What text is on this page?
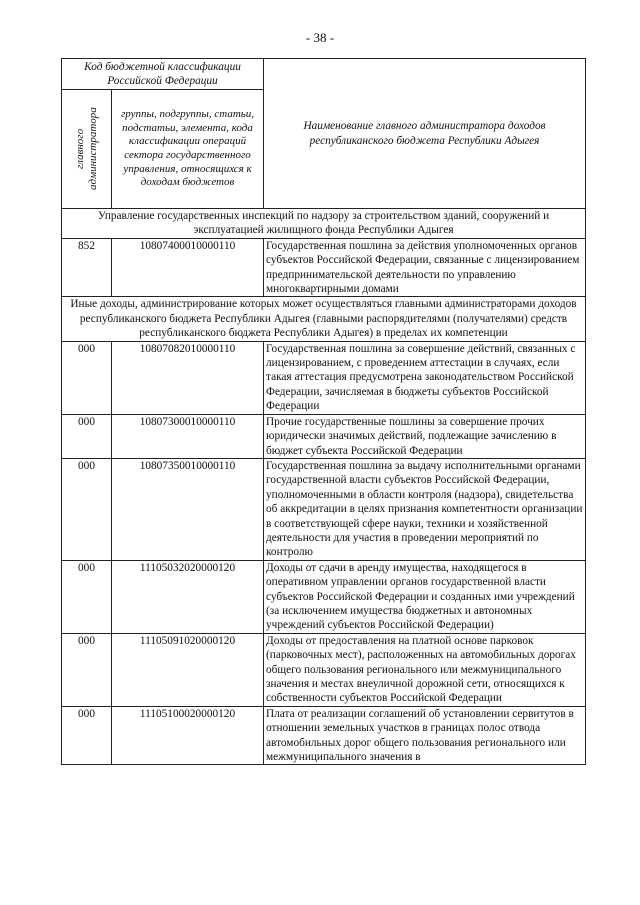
- 38 -
Код бюджетной классификации Российской Федерации		Наименование главного администратора доходов республиканского бюджета Республики Адыгея

главного администратора	группы, подгруппы, статьи, подстатьи, элемента, кода классификации операций сектора государственного управления, относящихся к доходам бюджетов	
Управление государственных инспекций по надзору за строительством зданий, сооружений и эксплуатацией жилищного фонда Республики Адыгея		
852	10807400010000110	Государственная пошлина за действия уполномоченных органов субъектов Российской Федерации, связанные с лицензированием предпринимательской деятельности по управлению многоквартирными домами
Иные доходы, администрирование которых может осуществляться главными администраторами доходов республиканского бюджета Республики Адыгея (главными распорядителями (получателями) средств республиканского бюджета Республики Адыгея) в пределах их компетенции		
000	10807082010000110	Государственная пошлина за совершение действий, связанных с лицензированием, с проведением аттестации в случаях, если такая аттестация предусмотрена законодательством Российской Федерации, зачисляемая в бюджеты субъектов Российской Федерации
000	10807300010000110	Прочие государственные пошлины за совершение прочих юридически значимых действий, подлежащие зачислению в бюджет субъекта Российской Федерации
000	10807350010000110	Государственная пошлина за выдачу исполнительными органами государственной власти субъектов Российской Федерации, уполномоченными в области контроля (надзора), свидетельства об аккредитации в целях признания компетентности организации в соответствующей сфере науки, техники и хозяйственной деятельности для участия в проведении мероприятий по контролю
000	11105032020000120	Доходы от сдачи в аренду имущества, находящегося в оперативном управлении органов государственной власти субъектов Российской Федерации и созданных ими учреждений (за исключением имущества бюджетных и автономных учреждений субъектов Российской Федерации)
000	11105091020000120	Доходы от предоставления на платной основе парковок (парковочных мест), расположенных на автомобильных дорогах общего пользования регионального или межмуниципального значения и местах внеуличной дорожной сети, относящихся к собственности субъектов Российской Федерации
000	11105100020000120	Плата от реализации соглашений об установлении сервитутов в отношении земельных участков в границах полос отвода автомобильных дорог общего пользования регионального или межмуниципального значения в
